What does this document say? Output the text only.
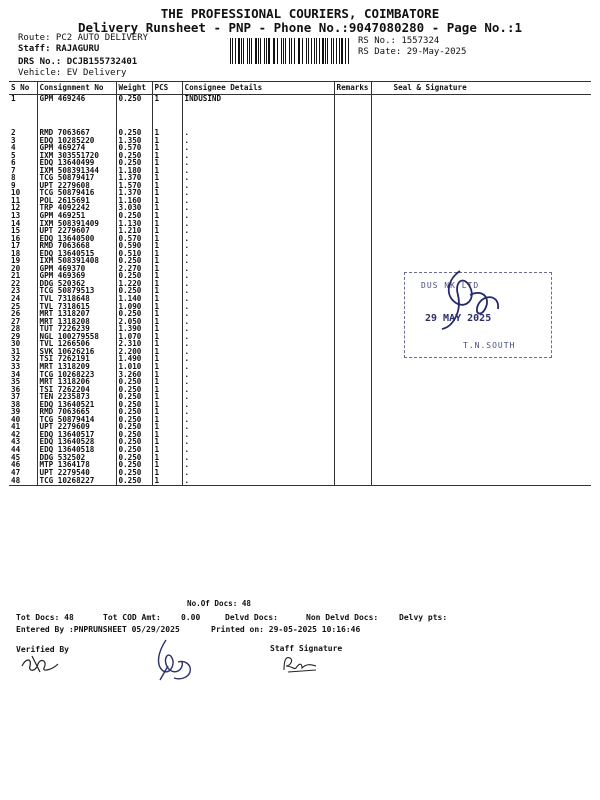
THE PROFESSIONAL COURIERS, COIMBATORE
Delivery Runsheet - PNP - Phone No.:9047080280 - Page No.:1
Route: PC2 AUTO DELIVERY
Staff: RAJAGURU
DRS No.: DCJB155732401
Vehicle: EV Delivery
RS No.: 1557324
RS Date: 29-May-2025
S No	Consignment No	Weight	PCS	Consignee Details	Remarks	Seal & Signature
1	GPM 469246	0.250	1	INDUSIND		
2	RMD 7063667	0.250	1	.		
3	EDQ 10285220	1.350	1	.		
4	GPM 469274	0.570	1	.		
5	IXM 303551720	0.250	1	.		
6	EDQ 13640499	0.250	1	.		
7	IXM 508391344	1.180	1	.		
8	TCG 50879417	1.370	1	.		
9	UPT 2279608	1.570	1	.		
10	TCG 50879416	1.370	1	.		
11	POL 2615691	1.160	1	.		
12	TRP 4092242	3.030	1	.		
13	GPM 469251	0.250	1	.		
14	IXM 508391409	1.130	1	.		
15	UPT 2279607	1.210	1	.		
16	EDQ 13640500	0.570	1	.		
17	RMD 7063668	0.590	1	.		
18	EDQ 13640515	0.510	1	.		
19	IXM 508391408	0.250	1	.		
20	GPM 469370	2.270	1	.		
21	GPM 469369	0.250	1	.		
22	DDG 520362	1.220	1	.		
23	TCG 50879513	0.250	1	.		
24	TVL 7318648	1.140	1	.		
25	TVL 7318615	1.090	1	.		
26	MRT 1318207	0.250	1	.		
27	MRT 1318208	2.050	1	.		
28	TUT 7226239	1.390	1	.		
29	NGL 100279558	1.070	1	.		
30	TVL 1266506	2.310	1	.		
31	SVK 10626216	2.200	1	.		
32	TSI 7262191	1.490	1	.		
33	MRT 1318209	1.010	1	.		
34	TCG 10268223	3.260	1	.		
35	MRT 1318206	0.250	1	.		
36	TSI 7262204	0.250	1	.		
37	TEN 2235873	0.250	1	.		
38	EDQ 13640521	0.250	1	.		
39	RMD 7063665	0.250	1	.		
40	TCG 50879414	0.250	1	.		
41	UPT 2279609	0.250	1	.		
42	EDQ 13640517	0.250	1	.		
43	EDQ 13640528	0.250	1	.		
44	EDQ 13640518	0.250	1	.		
45	DDG 532502	0.250	1	.		
46	MTP 1364178	0.250	1	.		
47	UPT 2279540	0.250	1	.		
48	TCG 10268227	0.250	1	.		
No.Of Docs: 48
Tot Docs: 48	Tot COD Amt:	0.00	Delvd Docs:	Non Delvd Docs:	Delvy pts:
Entered By :PNPRUNSHEET 05/29/2025	Printed on: 29-05-2025 10:16:46
Verified By	Staff Signature
DUS NK LTD
29 MAY 2025
T.N.SOUTH
